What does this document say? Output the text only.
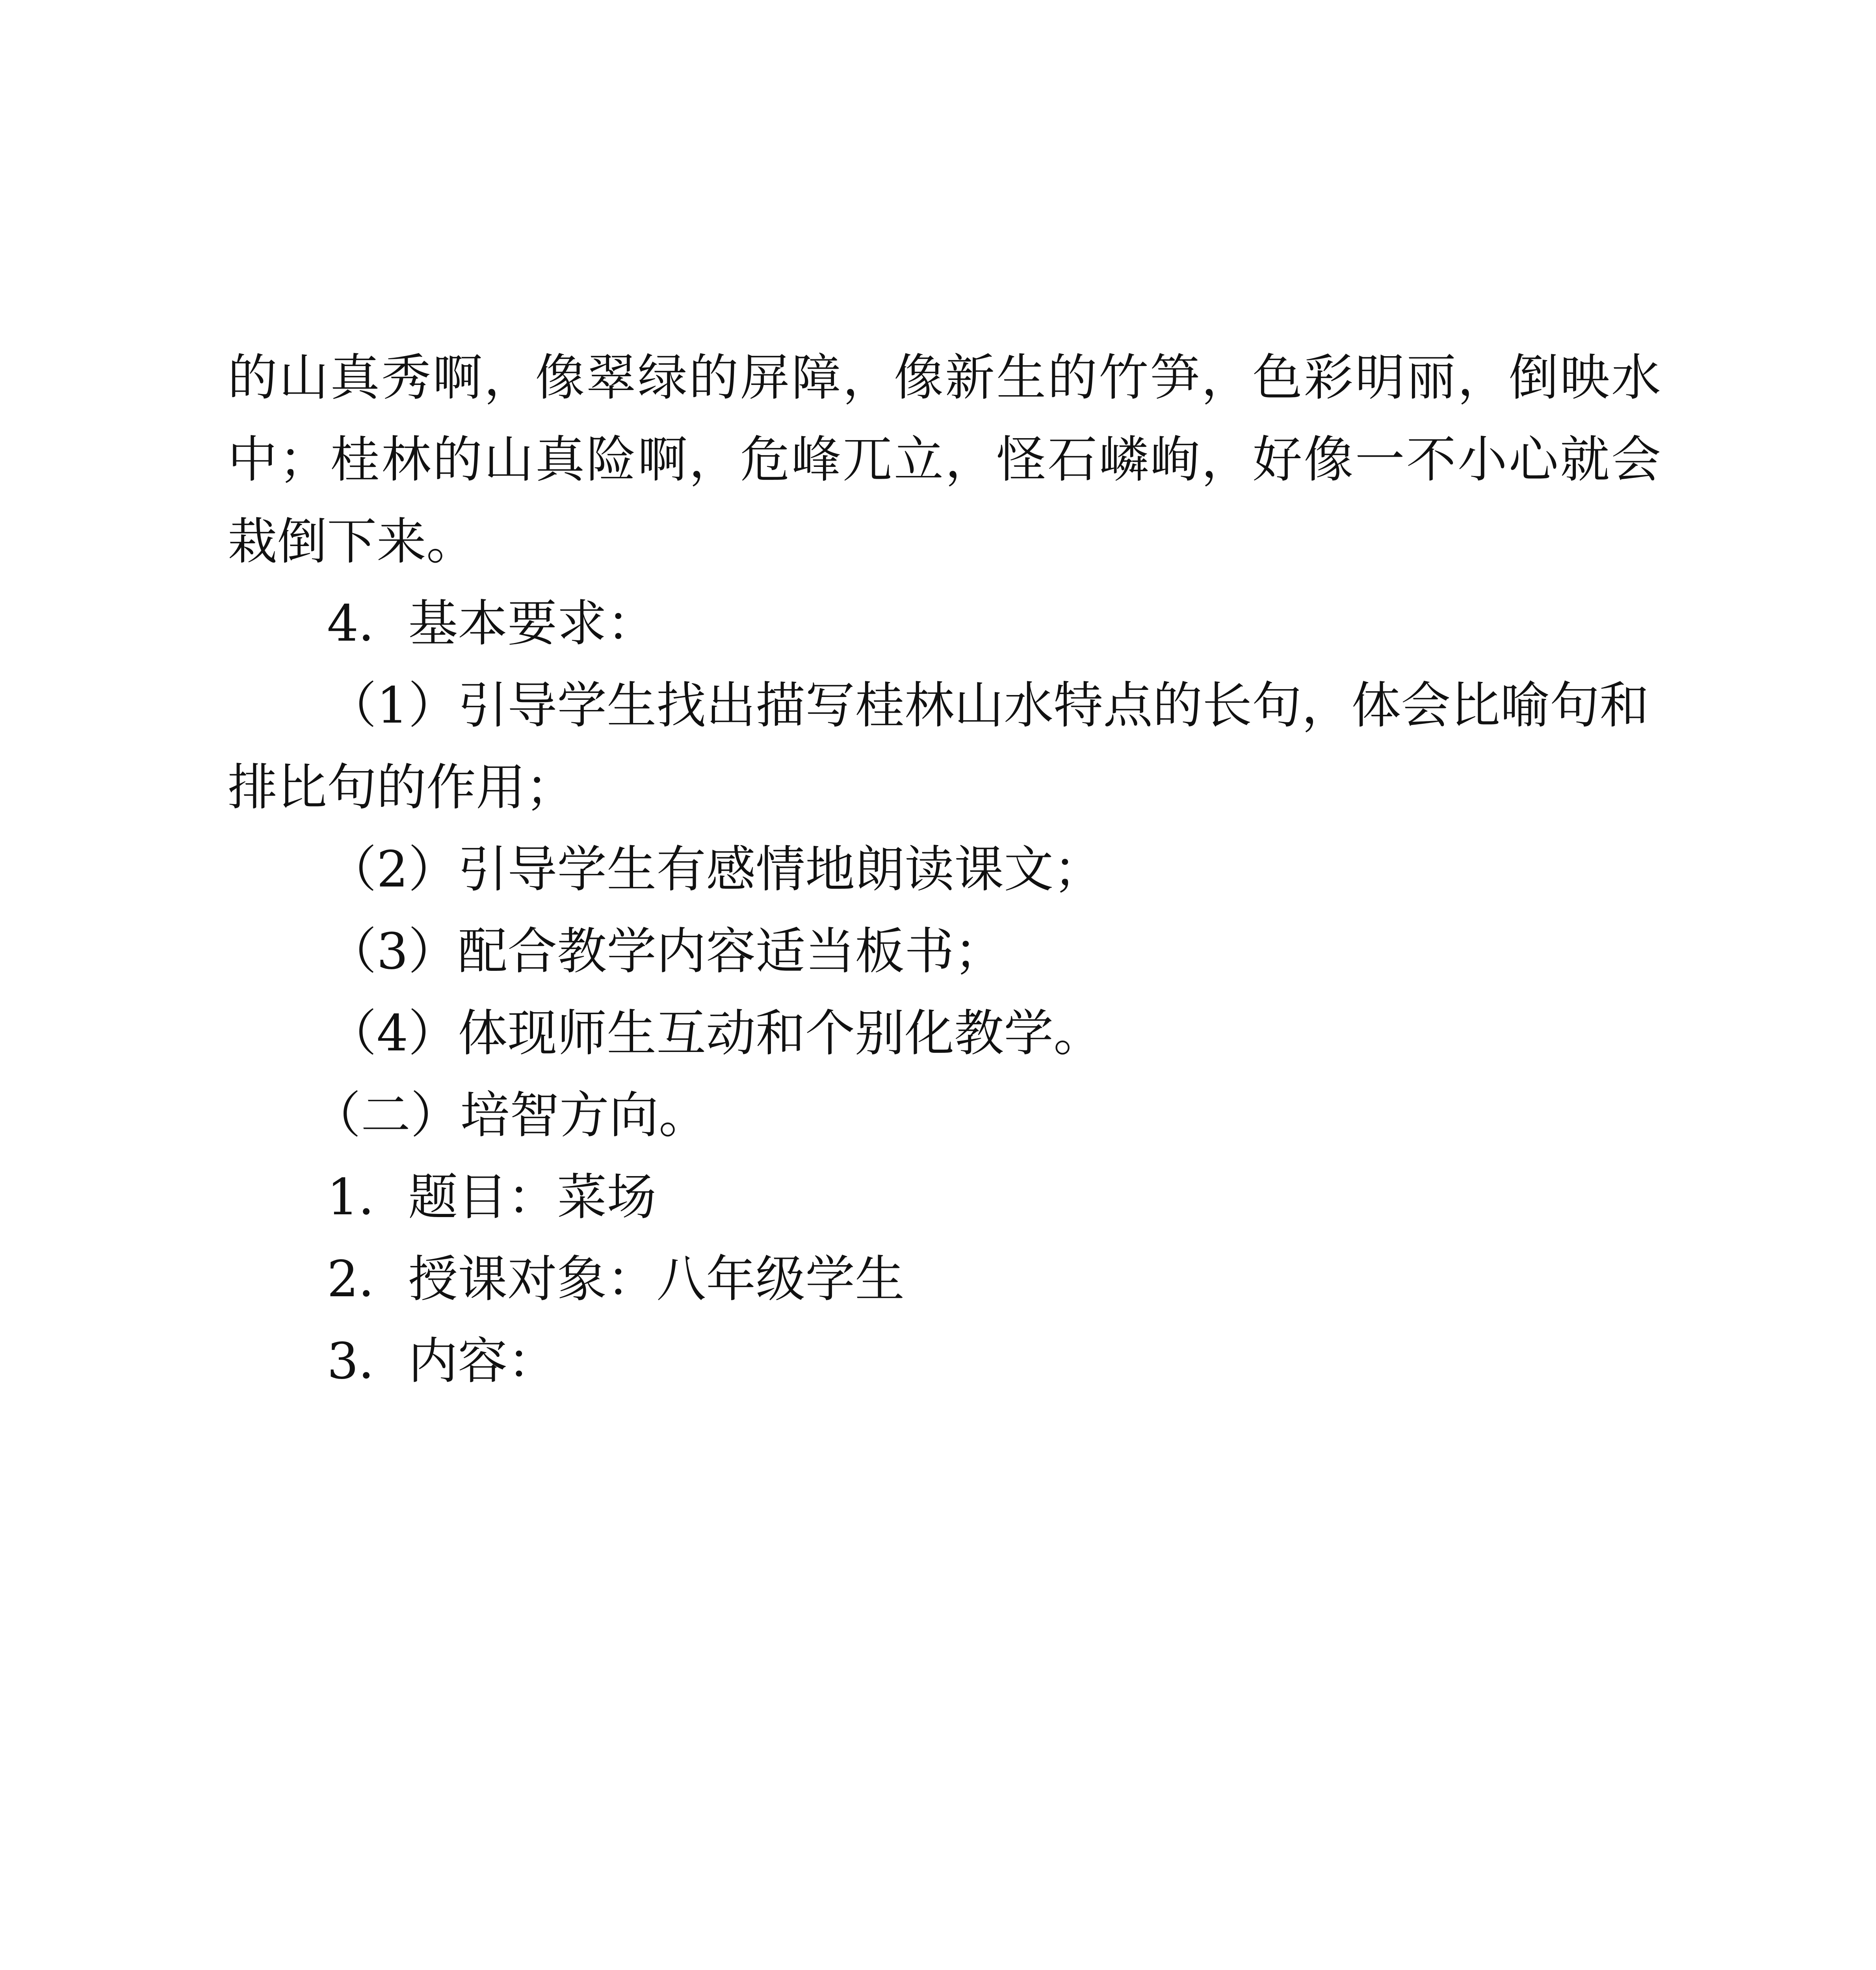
的山真秀啊，像翠绿的屏障，像新生的竹笋，色彩明丽，倒映水

中；桂林的山真险啊，危峰兀立，怪石嶙峋，好像一不小心就会

栽倒下来。

4．基本要求：

（1）引导学生找出描写桂林山水特点的长句，体会比喻句和

排比句的作用；

（2）引导学生有感情地朗读课文；

（3）配合教学内容适当板书；

（4）体现师生互动和个别化教学。

（二）培智方向。

1．题目：菜场

2．授课对象：八年级学生

3．内容：
